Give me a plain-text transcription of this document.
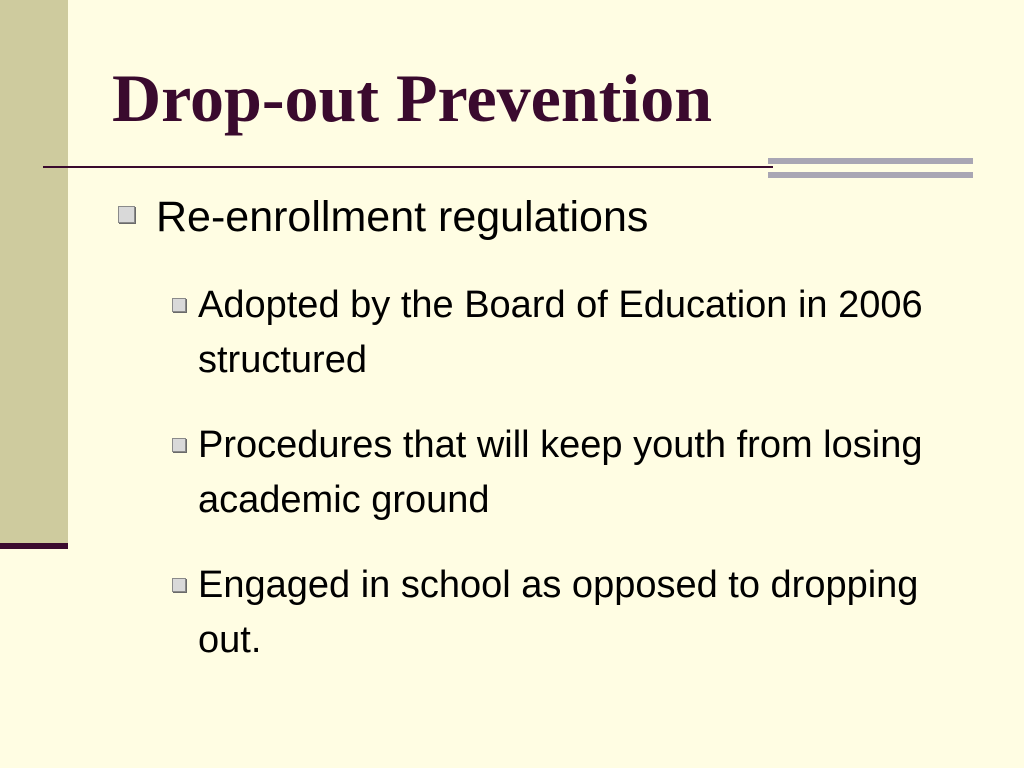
Drop-out Prevention
Re-enrollment regulations
Adopted by the Board of Education in 2006 structured
Procedures that will keep youth from losing academic ground
Engaged in school as opposed to dropping out.
